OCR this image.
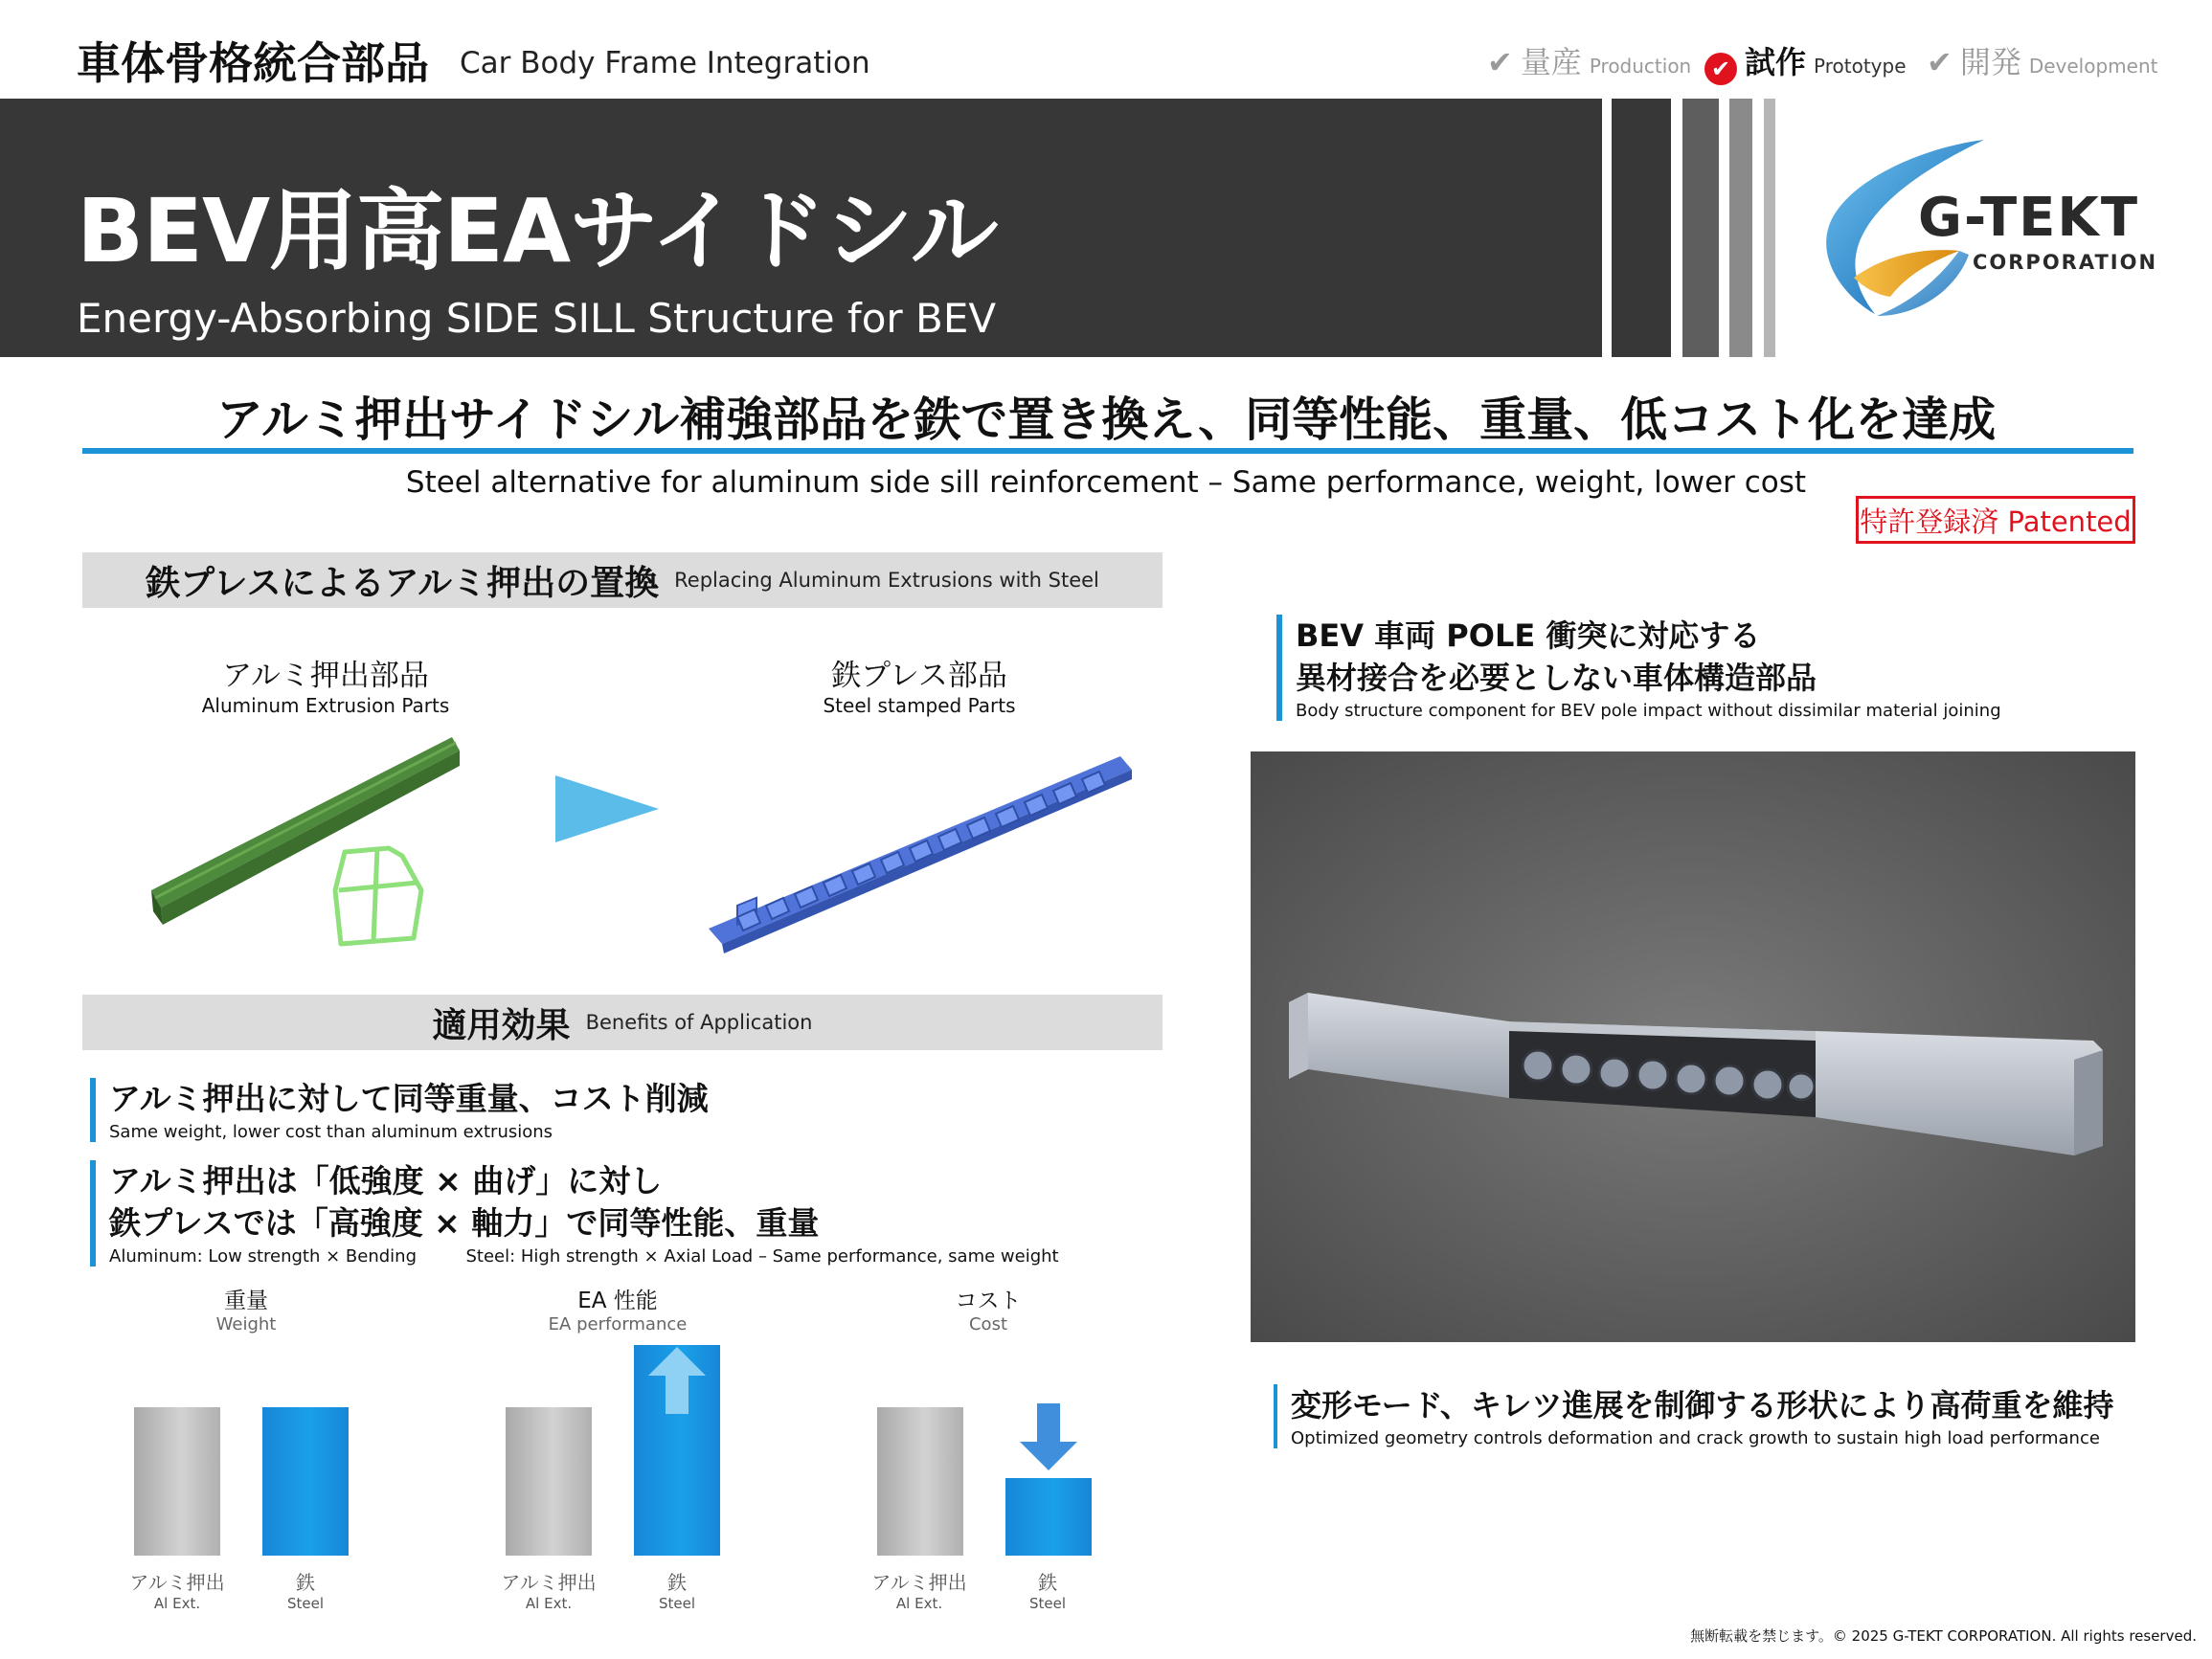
車体骨格統合部品 Car Body Frame Integration	✔ 量産 Production ✔ 試作 Prototype ✔ 開発 Development
BEV用高EAサイドシル
Energy-Absorbing SIDE SILL Structure for BEV
G-TEKT
CORPORATION
アルミ押出サイドシル補強部品を鉄で置き換え、同等性能、重量、低コスト化を達成
Steel alternative for aluminum side sill reinforcement – Same performance, weight, lower cost
特許登録済 Patented
鉄プレスによるアルミ押出の置換 Replacing Aluminum Extrusions with Steel
アルミ押出部品
Aluminum Extrusion Parts
鉄プレス部品
Steel stamped Parts
適用効果 Benefits of Application
アルミ押出に対して同等重量、コスト削減
Same weight, lower cost than aluminum extrusions
アルミ押出は「低強度 × 曲げ」に対し
鉄プレスでは「高強度 × 軸力」で同等性能、重量
Aluminum: Low strength × Bending	Steel: High strength × Axial Load – Same performance, same weight
重量
Weight
EA 性能
EA performance
コスト
Cost
アルミ押出
Al Ext.
鉄
Steel
アルミ押出
Al Ext.
鉄
Steel
アルミ押出
Al Ext.
鉄
Steel
BEV 車両 POLE 衝突に対応する
異材接合を必要としない車体構造部品
Body structure component for BEV pole impact without dissimilar material joining
変形モード、キレツ進展を制御する形状により高荷重を維持
Optimized geometry controls deformation and crack growth to sustain high load performance
無断転載を禁じます。© 2025 G-TEKT CORPORATION. All rights reserved.
